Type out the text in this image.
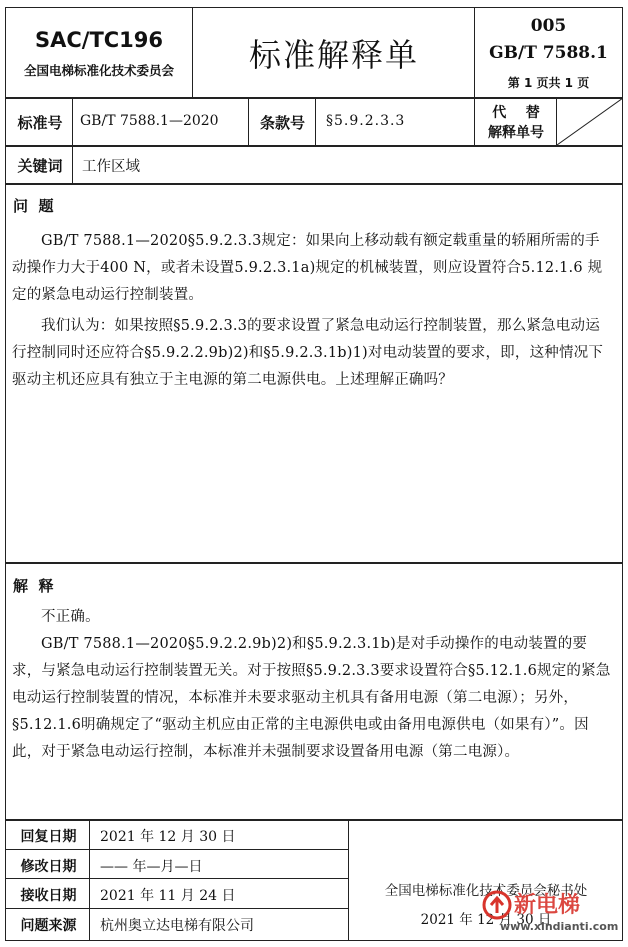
SAC/TC196
全国电梯标准化技术委员会	标准解释单
005
GB/T 7588.1
第 1 页共 1 页
标准号	GB/T 7588.1—2020	条款号	§5.9.2.3.3	代    替
解释单号
关键词	工作区域
问  题

GB/T 7588.1—2020§5.9.2.3.3规定：如果向上移动载有额定载重量的轿厢所需的手动操作力大于400 N，或者未设置5.9.2.3.1a)规定的机械装置，则应设置符合5.12.1.6 规定的紧急电动运行控制装置。

我们认为：如果按照§5.9.2.3.3的要求设置了紧急电动运行控制装置，那么紧急电动运行控制同时还应符合§5.9.2.2.9b)2)和§5.9.2.3.1b)1)对电动装置的要求，即，这种情况下驱动主机还应具有独立于主电源的第二电源供电。上述理解正确吗？

解  释

不正确。

GB/T 7588.1—2020§5.9.2.2.9b)2)和§5.9.2.3.1b)是对手动操作的电动装置的要求，与紧急电动运行控制装置无关。对于按照§5.9.2.3.3要求设置符合§5.12.1.6规定的紧急电动运行控制装置的情况，本标准并未要求驱动主机具有备用电源（第二电源）；另外，§5.12.1.6明确规定了“驱动主机应由正常的主电源供电或由备用电源供电（如果有）”。因此，对于紧急电动运行控制，本标准并未强制要求设置备用电源（第二电源）。

回复日期	2021 年 12 月 30 日
修改日期	—— 年—月—日
接收日期	2021 年 11 月 24 日
问题来源	杭州奥立达电梯有限公司
全国电梯标准化技术委员会秘书处
2021 年 12 月 30 日
新电梯
www.xindianti.com
